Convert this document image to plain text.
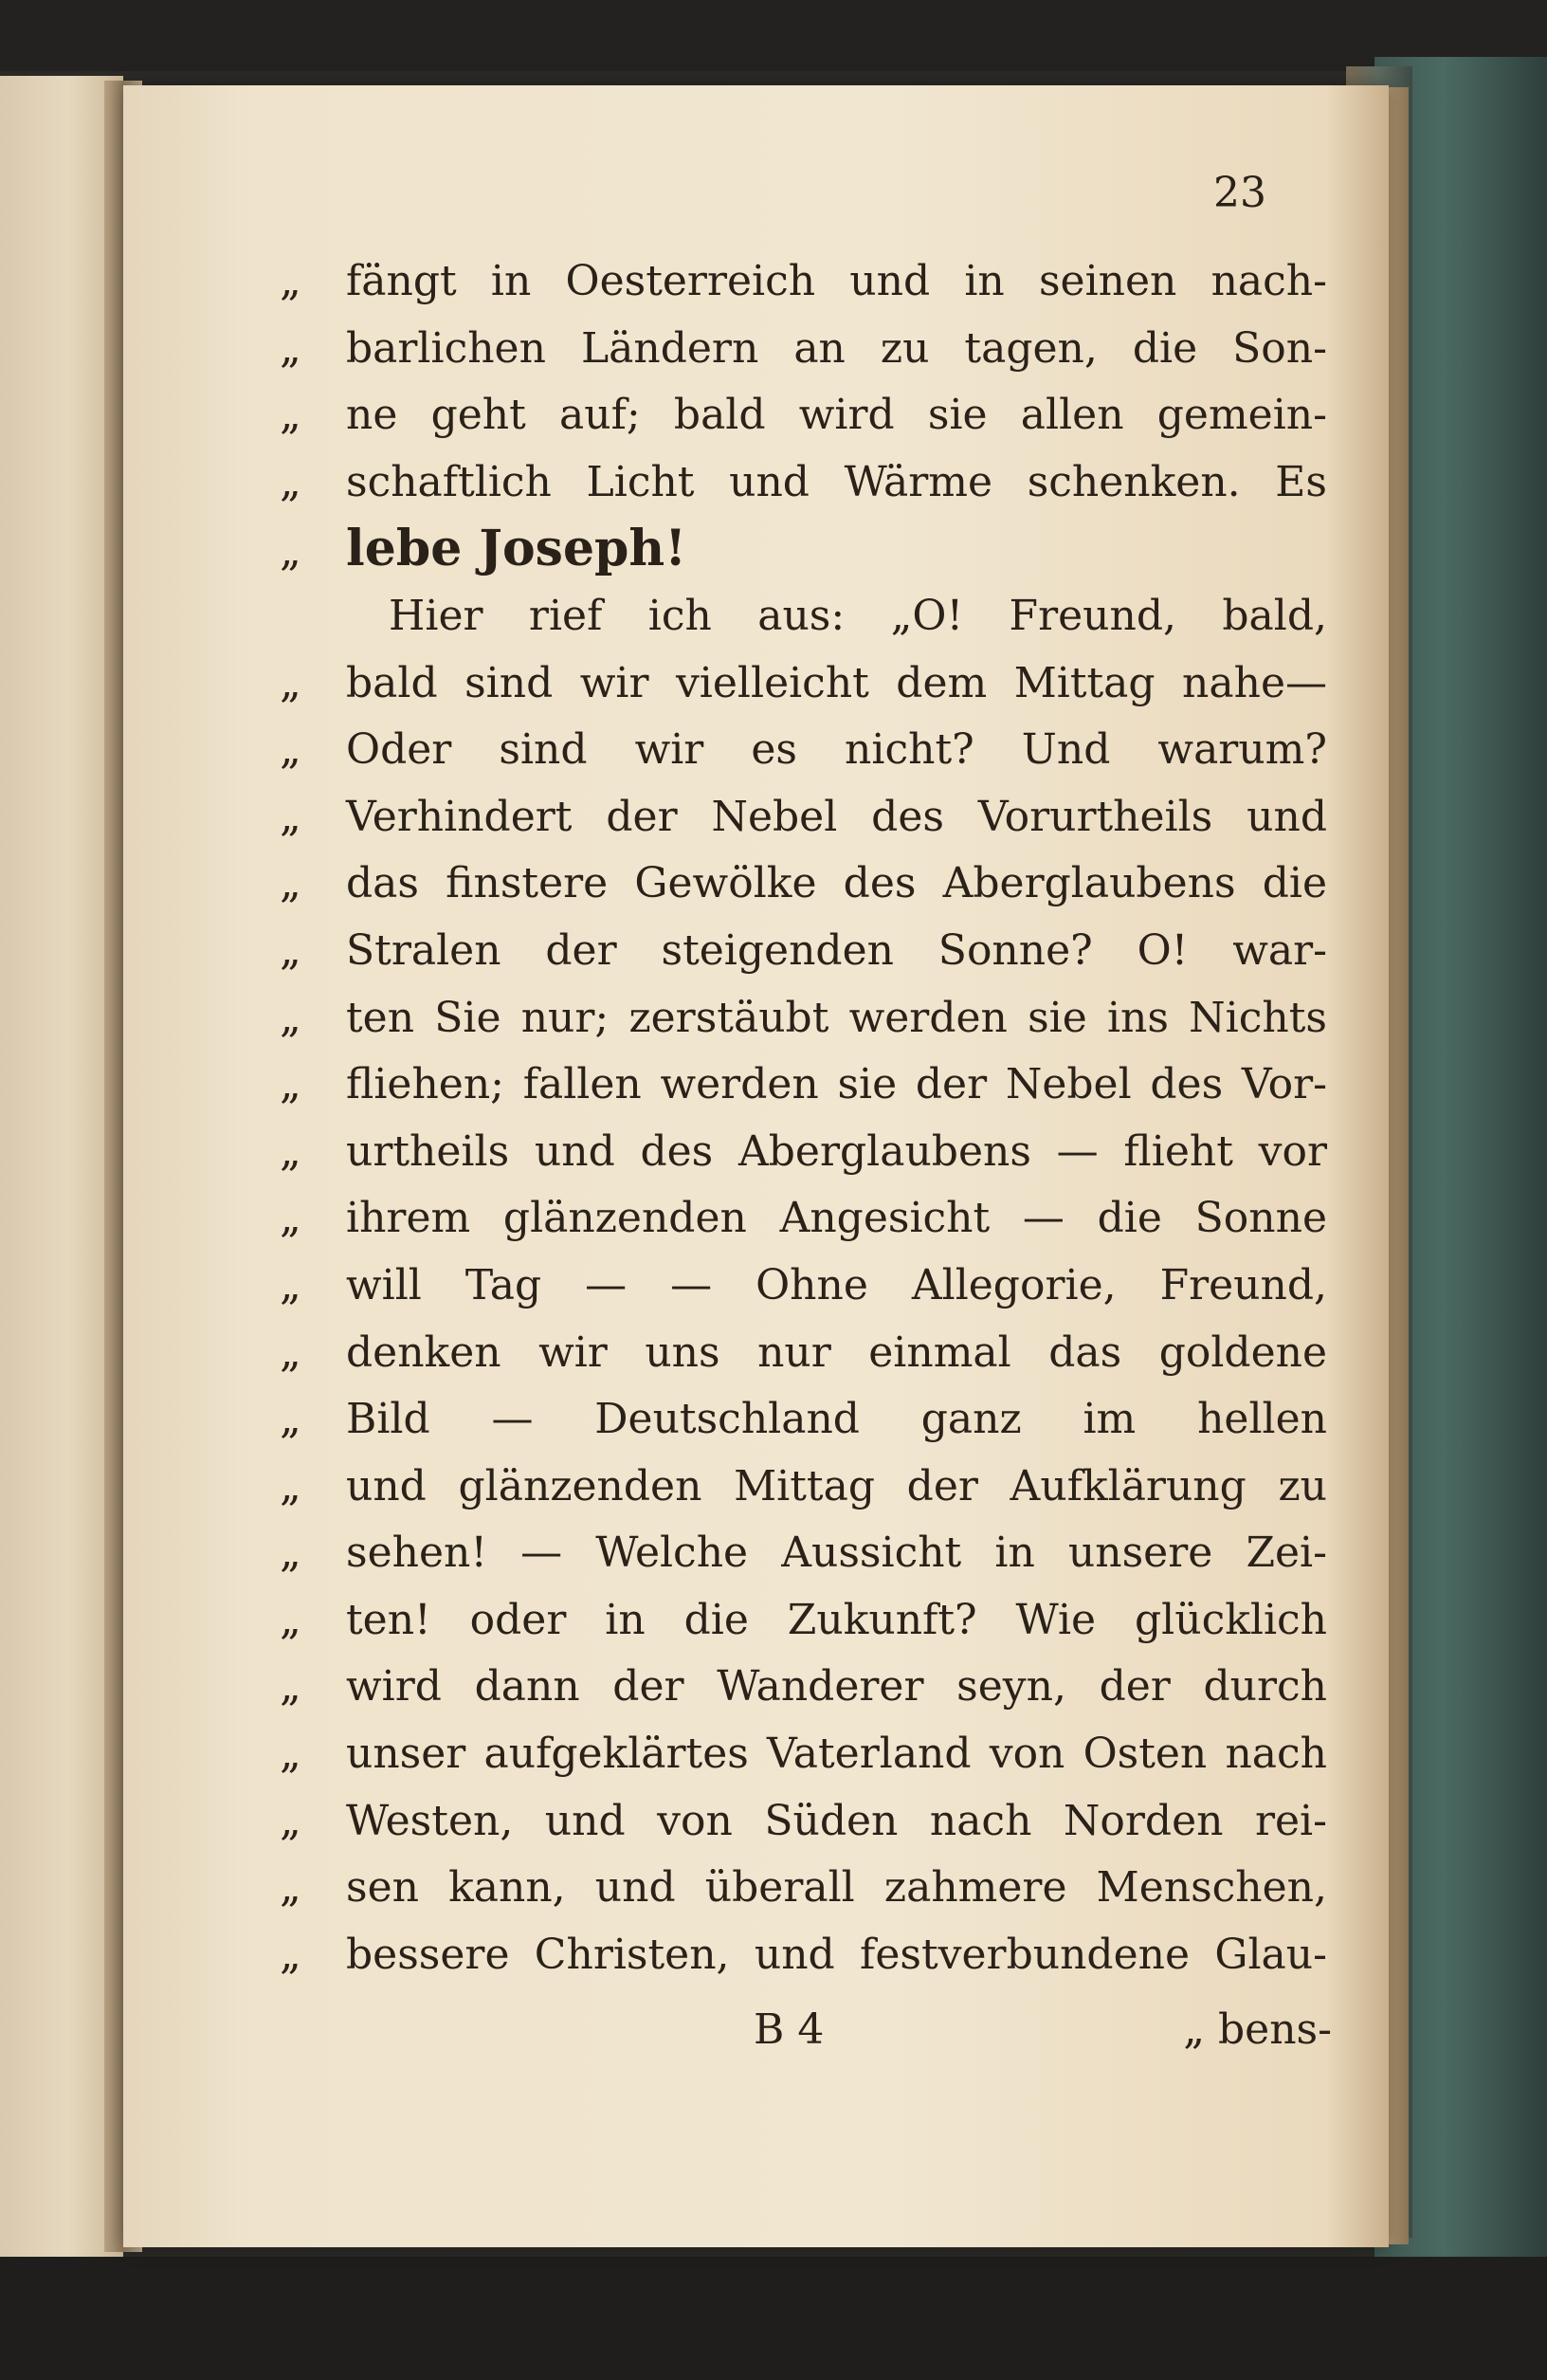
23
„	fängt in Oesterreich und in seinen nach-
„	barlichen Ländern an zu tagen, die Son-
„	ne geht auf; bald wird sie allen gemein-
„	schaftlich Licht und Wärme schenken. Es
„ lebe Joseph!
Hier rief ich aus: „O! Freund, bald,
„	bald sind wir vielleicht dem Mittag nahe—
„	Oder sind wir es nicht? Und warum?
„	Verhindert der Nebel des Vorurtheils und
„	das finstere Gewölke des Aberglaubens die
„	Stralen der steigenden Sonne? O! war-
„	ten Sie nur; zerstäubt werden sie ins Nichts
„	fliehen; fallen werden sie der Nebel des Vor-
„	urtheils und des Aberglaubens — flieht vor
„	ihrem glänzenden Angesicht — die Sonne
„	will Tag — — Ohne Allegorie, Freund,
„	denken wir uns nur einmal das goldene
„	Bild — Deutschland ganz im hellen
„	und glänzenden Mittag der Aufklärung zu
„	sehen! — Welche Aussicht in unsere Zei-
„	ten! oder in die Zukunft? Wie glücklich
„	wird dann der Wanderer seyn, der durch
„	unser aufgeklärtes Vaterland von Osten nach
„	Westen, und von Süden nach Norden rei-
„	sen kann, und überall zahmere Menschen,
„	bessere Christen, und festverbundene Glau-
B 4	„ bens-
